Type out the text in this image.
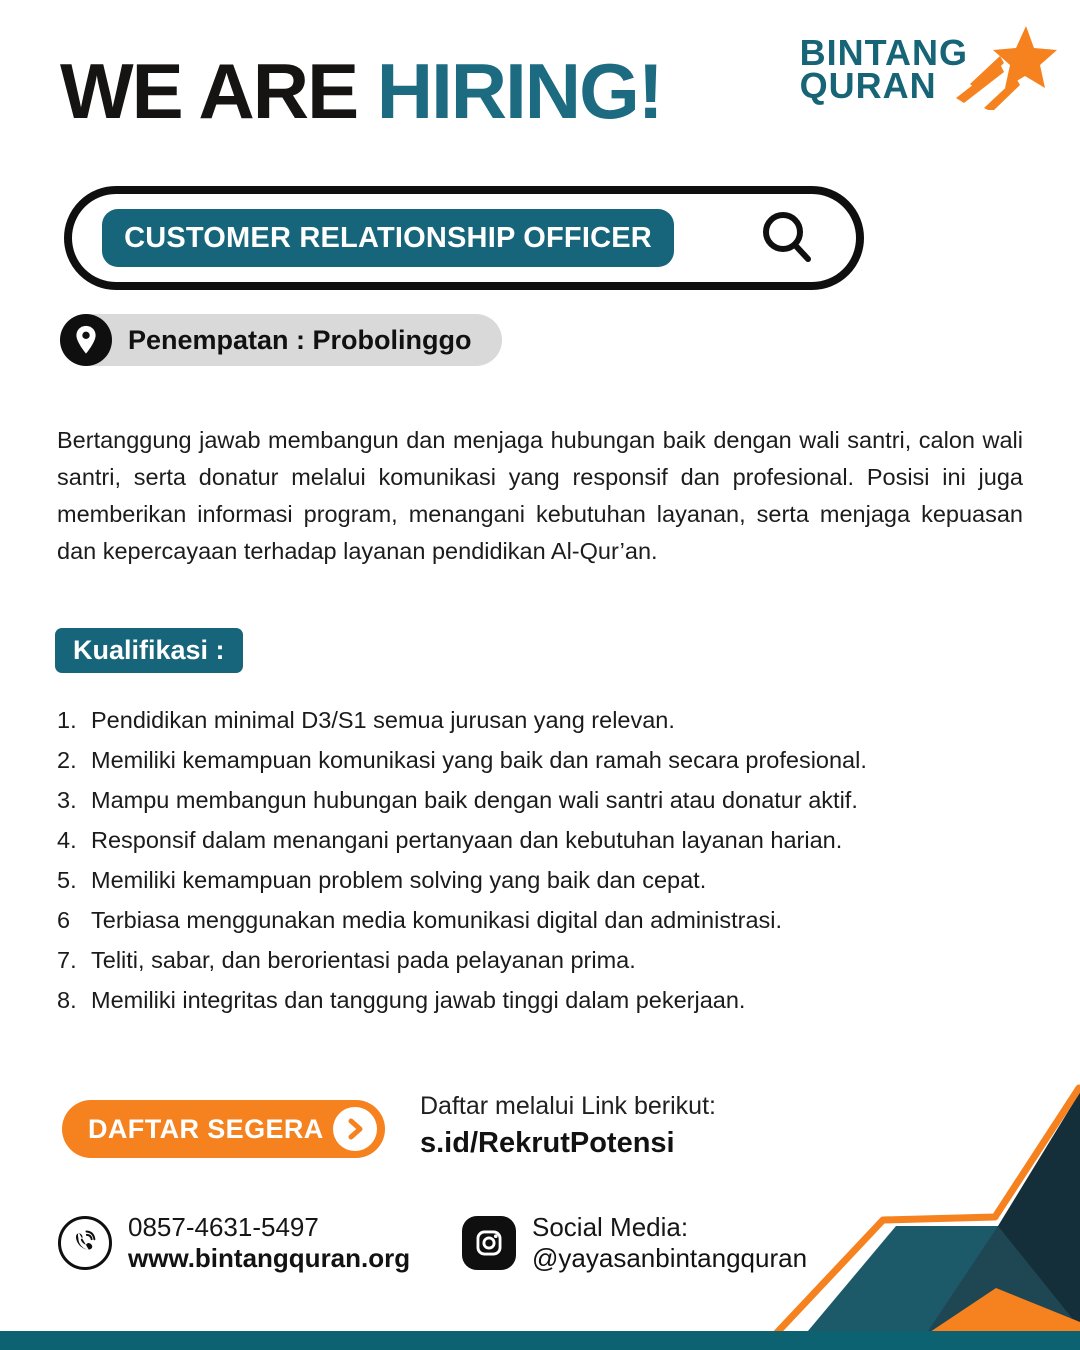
WE ARE HIRING!	BINTANG
QURAN
CUSTOMER RELATIONSHIP OFFICER
Penempatan : Probolinggo

Bertanggung jawab membangun dan menjaga hubungan baik dengan wali santri, calon wali santri, serta donatur melalui komunikasi yang responsif dan profesional. Posisi ini juga memberikan informasi program, menangani kebutuhan layanan, serta menjaga kepuasan dan kepercayaan terhadap layanan pendidikan Al-Qur’an.

Kualifikasi :
1. Pendidikan minimal D3/S1 semua jurusan yang relevan.
2. Memiliki kemampuan komunikasi yang baik dan ramah secara profesional.
3. Mampu membangun hubungan baik dengan wali santri atau donatur aktif.
4. Responsif dalam menangani pertanyaan dan kebutuhan layanan harian.
5. Memiliki kemampuan problem solving yang baik dan cepat.
6 Terbiasa menggunakan media komunikasi digital dan administrasi.
7. Teliti, sabar, dan berorientasi pada pelayanan prima.
8. Memiliki integritas dan tanggung jawab tinggi dalam pekerjaan.
DAFTAR SEGERA
Daftar melalui Link berikut:
s.id/RekrutPotensi
0857-4631-5497
www.bintangquran.org
Social Media:
@yayasanbintangquran
